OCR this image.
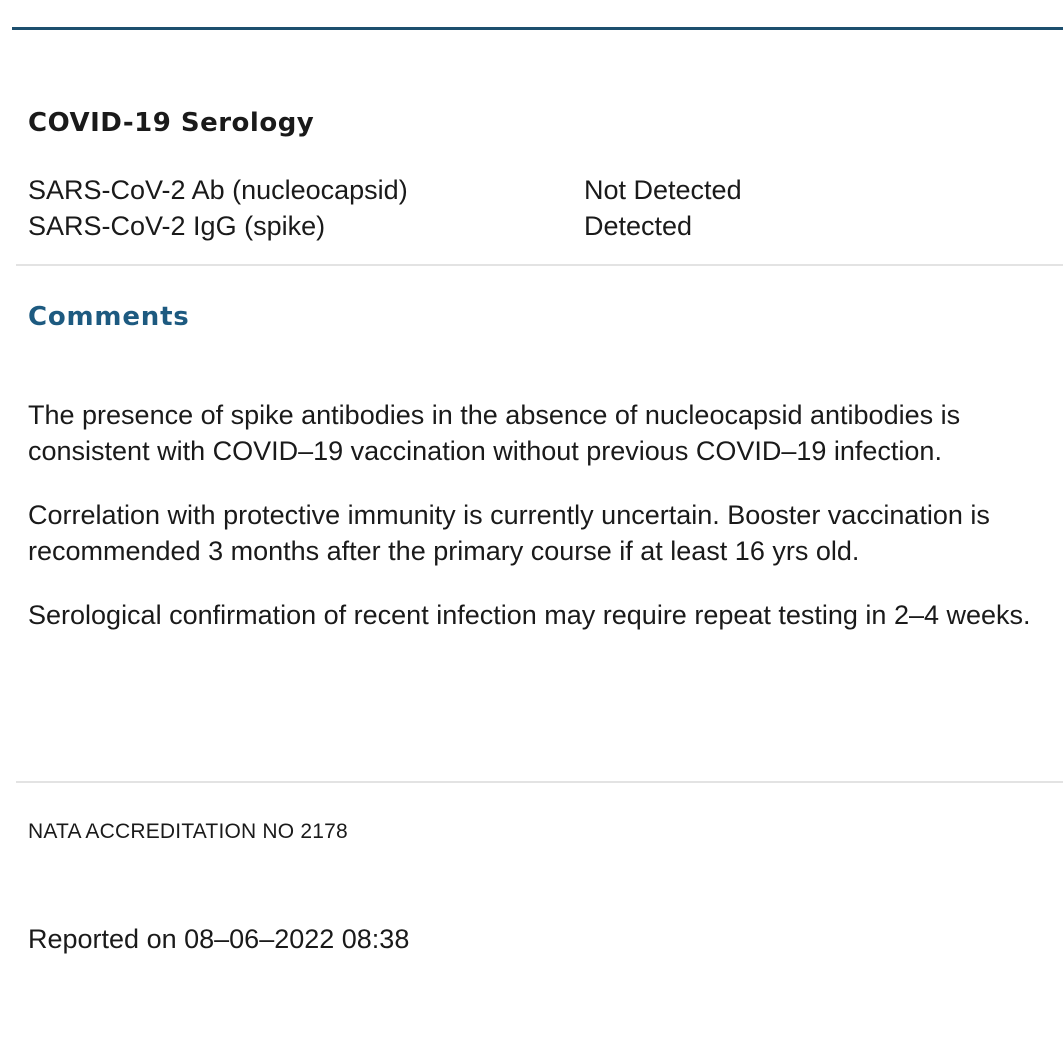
COVID-19 Serology
SARS-CoV-2 Ab (nucleocapsid)	Not Detected
SARS-CoV-2 IgG (spike)	Detected
Comments

The presence of spike antibodies in the absence of nucleocapsid antibodies is consistent with COVID–19 vaccination without previous COVID–19 infection.

Correlation with protective immunity is currently uncertain. Booster vaccination is recommended 3 months after the primary course if at least 16 yrs old.

Serological confirmation of recent infection may require repeat testing in 2–4 weeks.

NATA ACCREDITATION NO 2178
Reported on 08–06–2022 08:38
